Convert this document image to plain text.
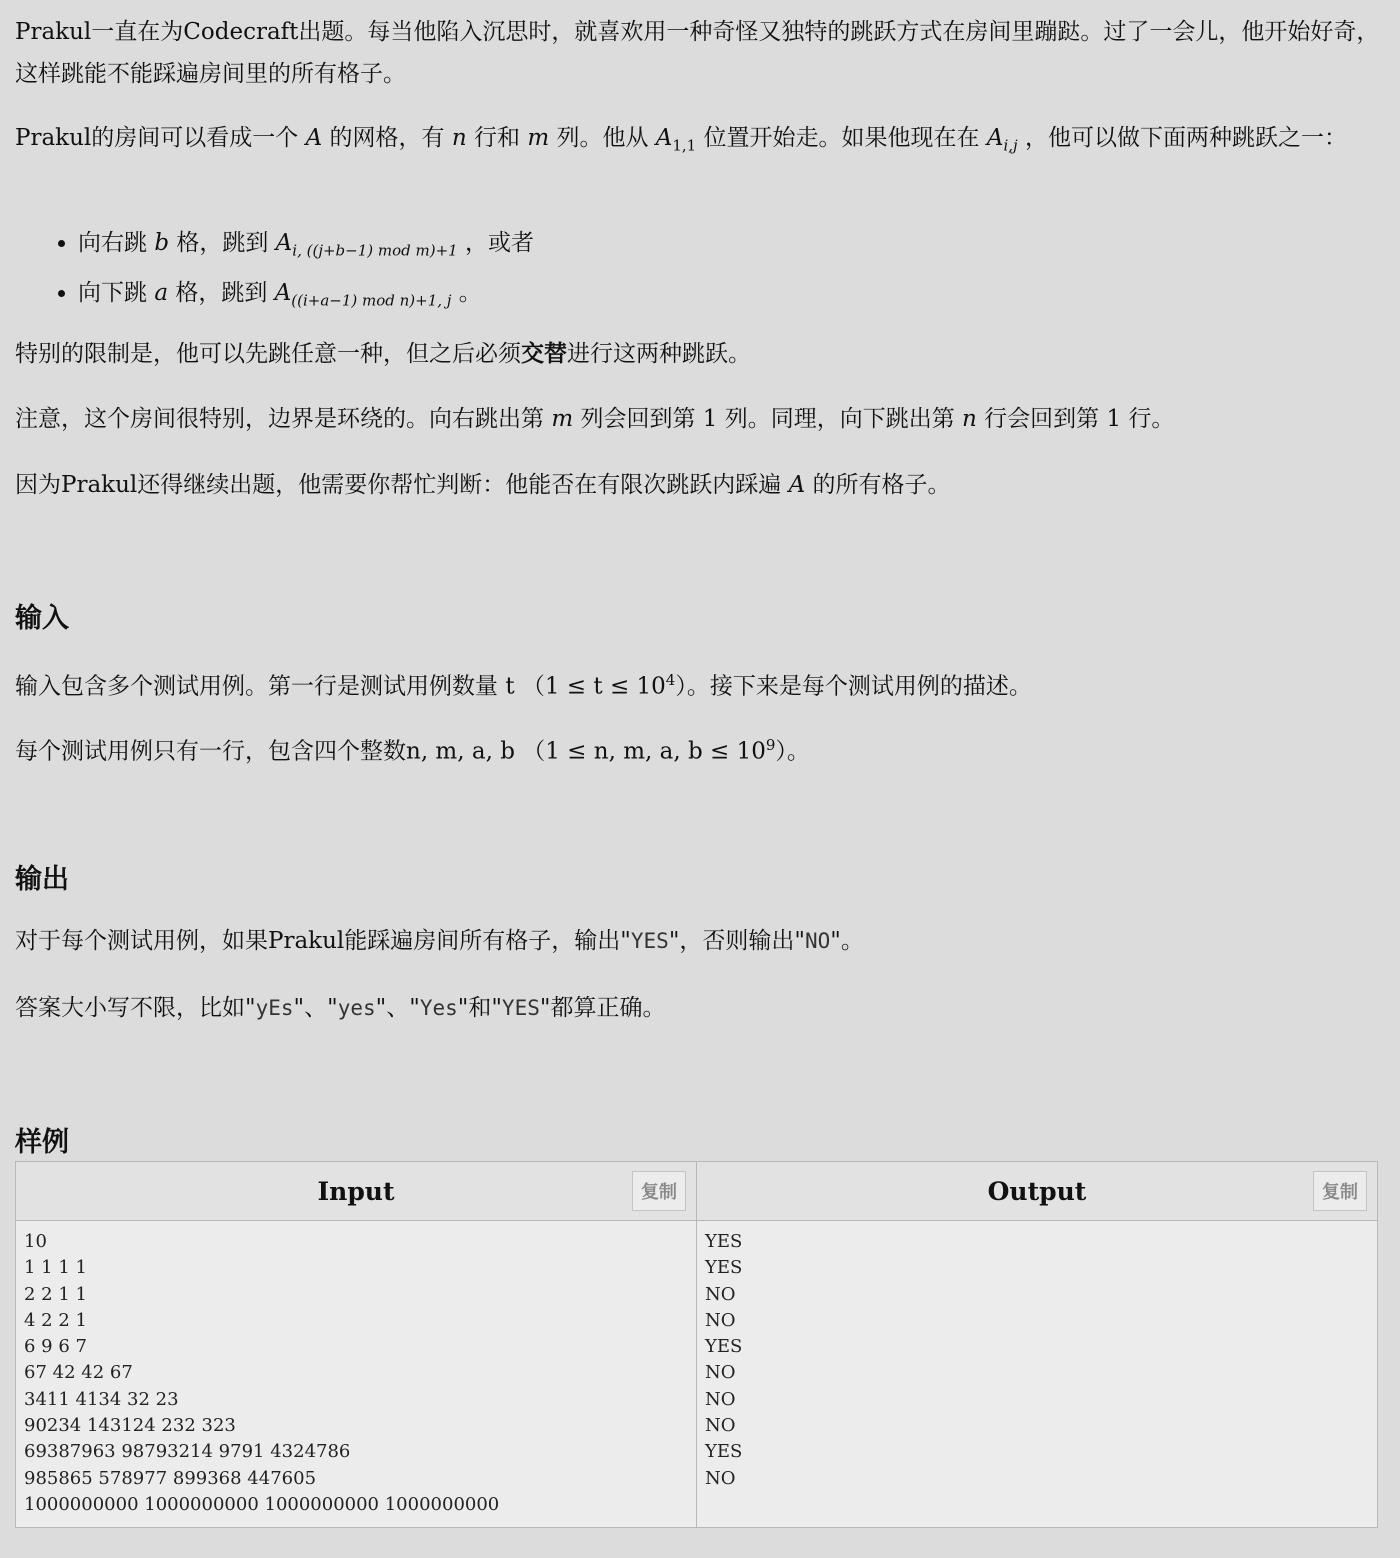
Prakul一直在为Codecraft出题。每当他陷入沉思时，就喜欢用一种奇怪又独特的跳跃方式在房间里蹦跶。过了一会儿，他开始好奇，这样跳能不能踩遍房间里的所有格子。

Prakul的房间可以看成一个 A 的网格，有 n 行和 m 列。他从 $A_{1,1}$ 位置开始走。如果他现在在 $A_{i,j}$ ，他可以做下面两种跳跃之一：

• 向右跳 b 格，跳到 $A_{i, ((j+b-1) mod m)+1}$ ，或者
• 向下跳 a 格，跳到 $A_{((i+a-1) mod n)+1, j}$ 。

特别的限制是，他可以先跳任意一种，但之后必须交替进行这两种跳跃。

注意，这个房间很特别，边界是环绕的。向右跳出第 m 列会回到第 1 列。同理，向下跳出第 n 行会回到第 1 行。

因为Prakul还得继续出题，他需要你帮忙判断：他能否在有限次跳跃内踩遍 A 的所有格子。

输入

输入包含多个测试用例。第一行是测试用例数量 t $(1 \le t \le 10^4)$。接下来是每个测试用例的描述。

每个测试用例只有一行，包含四个整数n, m, a, b （1 ≤ n, m, a, $b \le 10^9$）。

输出

对于每个测试用例，如果Prakul能踩遍房间所有格子，输出"YES"，否则输出"NO"。

答案大小写不限，比如"yEs"、"yes"、"Yes"和"YES"都算正确。

样例
Input	复制
10
1 1 1 1
2 2 1 1
4 2 2 1
6 9 6 7
67 42 42 67
3411 4134 32 23
90234 143124 232 323
69387963 98793214 9791 4324786
985865 578977 899368 447605
1000000000 1000000000 1000000000 1000000000
Output	复制
YES
YES
NO
NO
YES
NO
NO
NO
YES
NO
